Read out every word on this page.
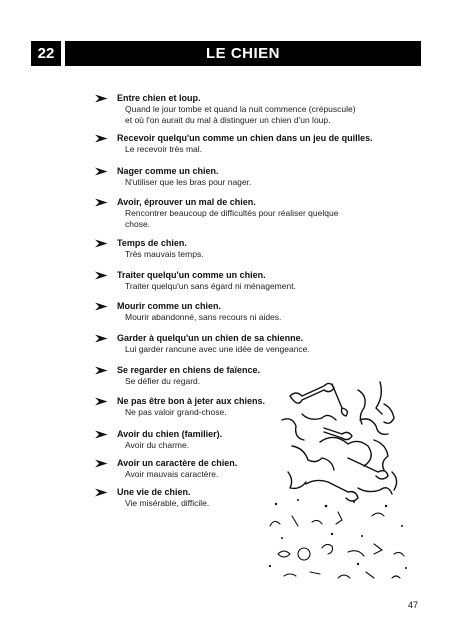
22	LE CHIEN
Entre chien et loup.
Quand le jour tombe et quand la nuit commence (crépuscule)
et où l'on aurait du mal à distinguer un chien d'un loup.
Recevoir quelqu'un comme un chien dans un jeu de quilles.
Le recevoir très mal.
Nager comme un chien.
N'utiliser que les bras pour nager.
Avoir, éprouver un mal de chien.
Rencontrer beaucoup de difficultés pour réaliser quelque
chose.
Temps de chien.
Très mauvais temps.
Traiter quelqu'un comme un chien.
Traiter quelqu'un sans égard ni ménagement.
Mourir comme un chien.
Mourir abandonné, sans recours ni aides.
Garder à quelqu'un un chien de sa chienne.
Lui garder rancune avec une idée de vengeance.
Se regarder en chiens de faïence.
Se défier du regard.
Ne pas être bon à jeter aux chiens.
Ne pas valoir grand-chose.
Avoir du chien (familier).
Avoir du charme.
Avoir un caractère de chien.
Avoir mauvais caractère.
Une vie de chien.
Vie misérable, difficile.
47
